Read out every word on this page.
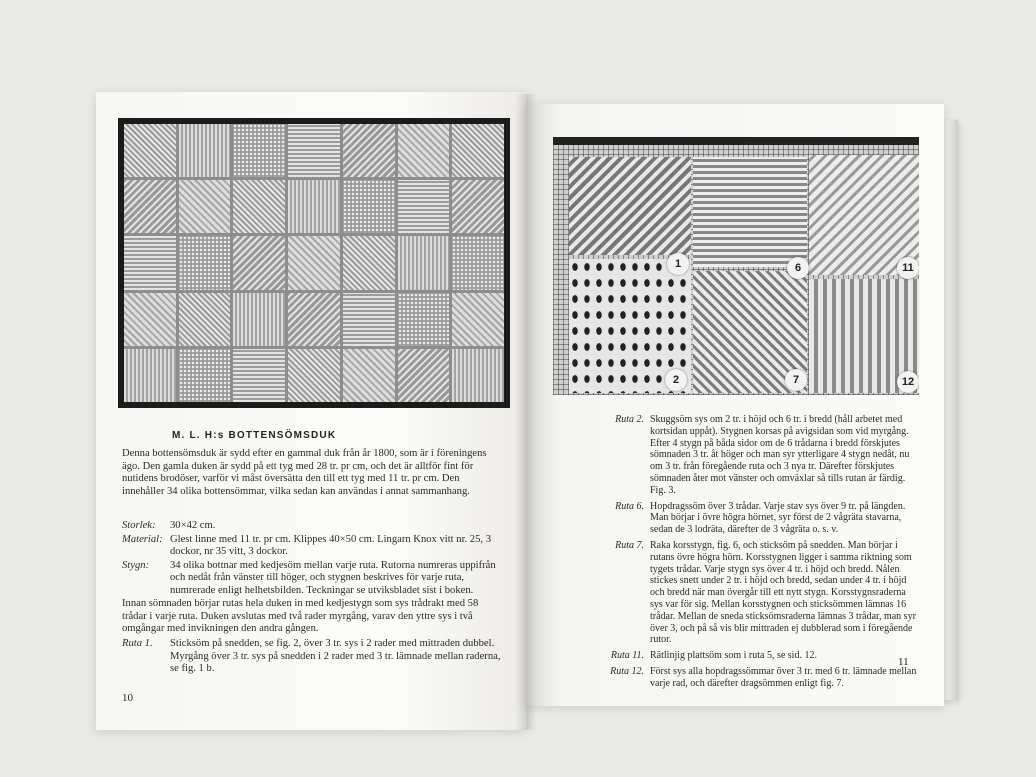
M. L. H:s BOTTENSÖMSDUK
Denna bottensömsduk är sydd efter en gammal duk från år 1800, som är i föreningens ägo. Den gamla duken är sydd på ett tyg med 28 tr. pr cm, och det är alltför fint för nutidens brodöser, varför vi måst översätta den till ett tyg med 11 tr. pr cm. Den innehåller 34 olika bottensömmar, vilka sedan kan användas i annat sammanhang.
Storlek:	30×42 cm.
Material: Glest linne med 11 tr. pr cm. Klippes 40×50 cm. Lingarn Knox vitt nr. 25, 3 dockor, nr 35 vitt, 3 dockor.
Stygn:	34 olika bottnar med kedjesöm mellan varje ruta. Rutorna numreras uppifrån och nedåt från vänster till höger, och stygnen beskrives för varje ruta, numrerade enligt helhetsbilden. Teckningar se utviksbladet sist i boken.
Innan sömnaden börjar rutas hela duken in med kedjestygn som sys trådrakt med 58 trådar i varje ruta. Duken avslutas med två rader myrgång, varav den yttre sys i två omgångar med invikningen den andra gången.
Ruta 1.	Sticksöm på snedden, se fig. 2, över 3 tr. sys i 2 rader med mittraden dubbel. Myrgång över 3 tr. sys på snedden i 2 rader med 3 tr. lämnade mellan raderna, se fig. 1 b.
10
1	6	11
2	7	12
Ruta 2. Skuggsöm sys om 2 tr. i höjd och 6 tr. i bredd (håll arbetet med kortsidan uppåt). Stygnen korsas på avigsidan som vid myrgång. Efter 4 stygn på båda sidor om de 6 trådarna i bredd förskjutes sömnaden 3 tr. åt höger och man syr ytterligare 4 stygn nedåt, nu om 3 tr. från föregående ruta och 3 nya tr. Därefter förskjutes sömnaden åter mot vänster och omväxlar så tills rutan är färdig. Fig. 3.
Ruta 6. Hopdragssöm över 3 trådar. Varje stav sys över 9 tr. på längden. Man börjar i övre högra hörnet, syr först de 2 vågräta stavarna, sedan de 3 lodräta, därefter de 3 vågräta o. s. v.
Ruta 7. Raka korsstygn, fig. 6, och sticksöm på snedden. Man börjar i rutans övre högra hörn. Korsstygnen ligger i samma riktning som tygets trådar. Varje stygn sys över 4 tr. i höjd och bredd. Nålen stickes snett under 2 tr. i höjd och bredd, sedan under 4 tr. i höjd och bredd när man övergår till ett nytt stygn. Korsstygnsraderna sys var för sig. Mellan korsstygnen och sticksömmen lämnas 16 trådar. Mellan de sneda sticksömsraderna lämnas 3 trådar, man syr över 3, och på så vis blir mittraden ej dubblerad som i föregående rutor.
Ruta 11. Rätlinjig plattsöm som i ruta 5, se sid. 12.
Ruta 12. Först sys alla hopdragssömmar över 3 tr. med 6 tr. lämnade mellan varje rad, och därefter dragsömmen enligt fig. 7.
11
